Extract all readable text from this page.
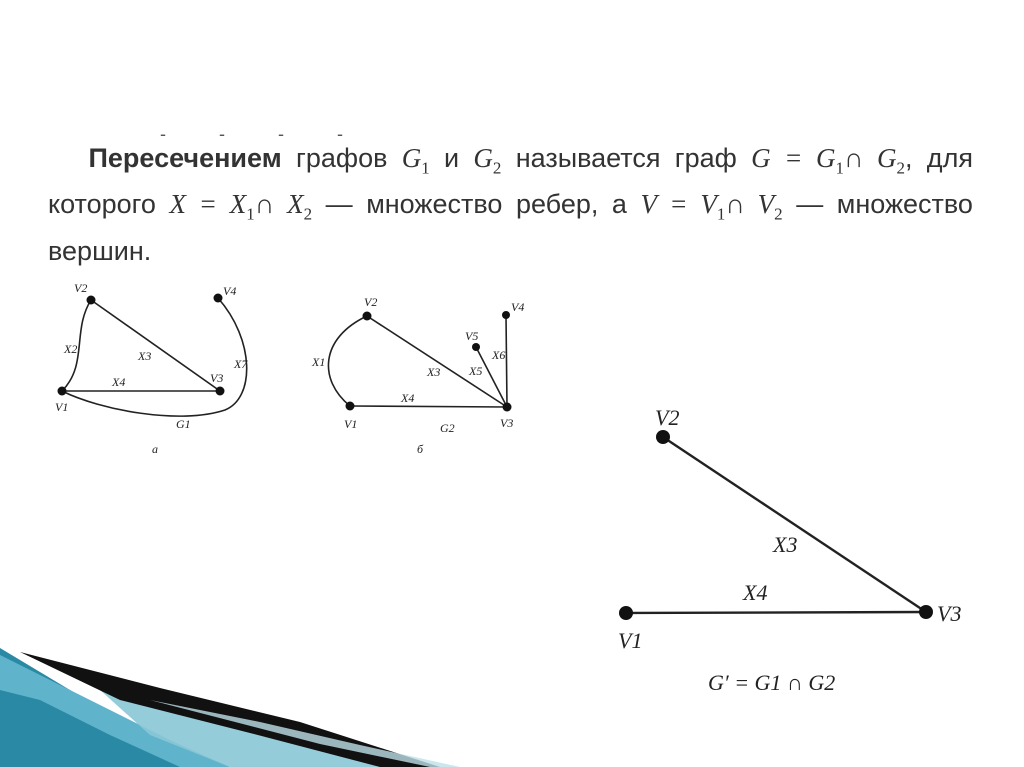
- - - -
  Пересечением графов $G_1$ и $G_2$ называется граф $G = G_1\cap$ $G_2$, для которого $X = X_1\cap$ $X_2$ — множество ребер, а $V = V_1\cap$ $V_2$ — множество вершин.
V2	V4
V3
V1
X2	X3
X4
X7
G1
а
V2
V5
V4
V1	V3
X1
X3 X5
X6
X4
G2
б
V2
V1
V3
X3
X4
G′ = G1 ∩ G2
